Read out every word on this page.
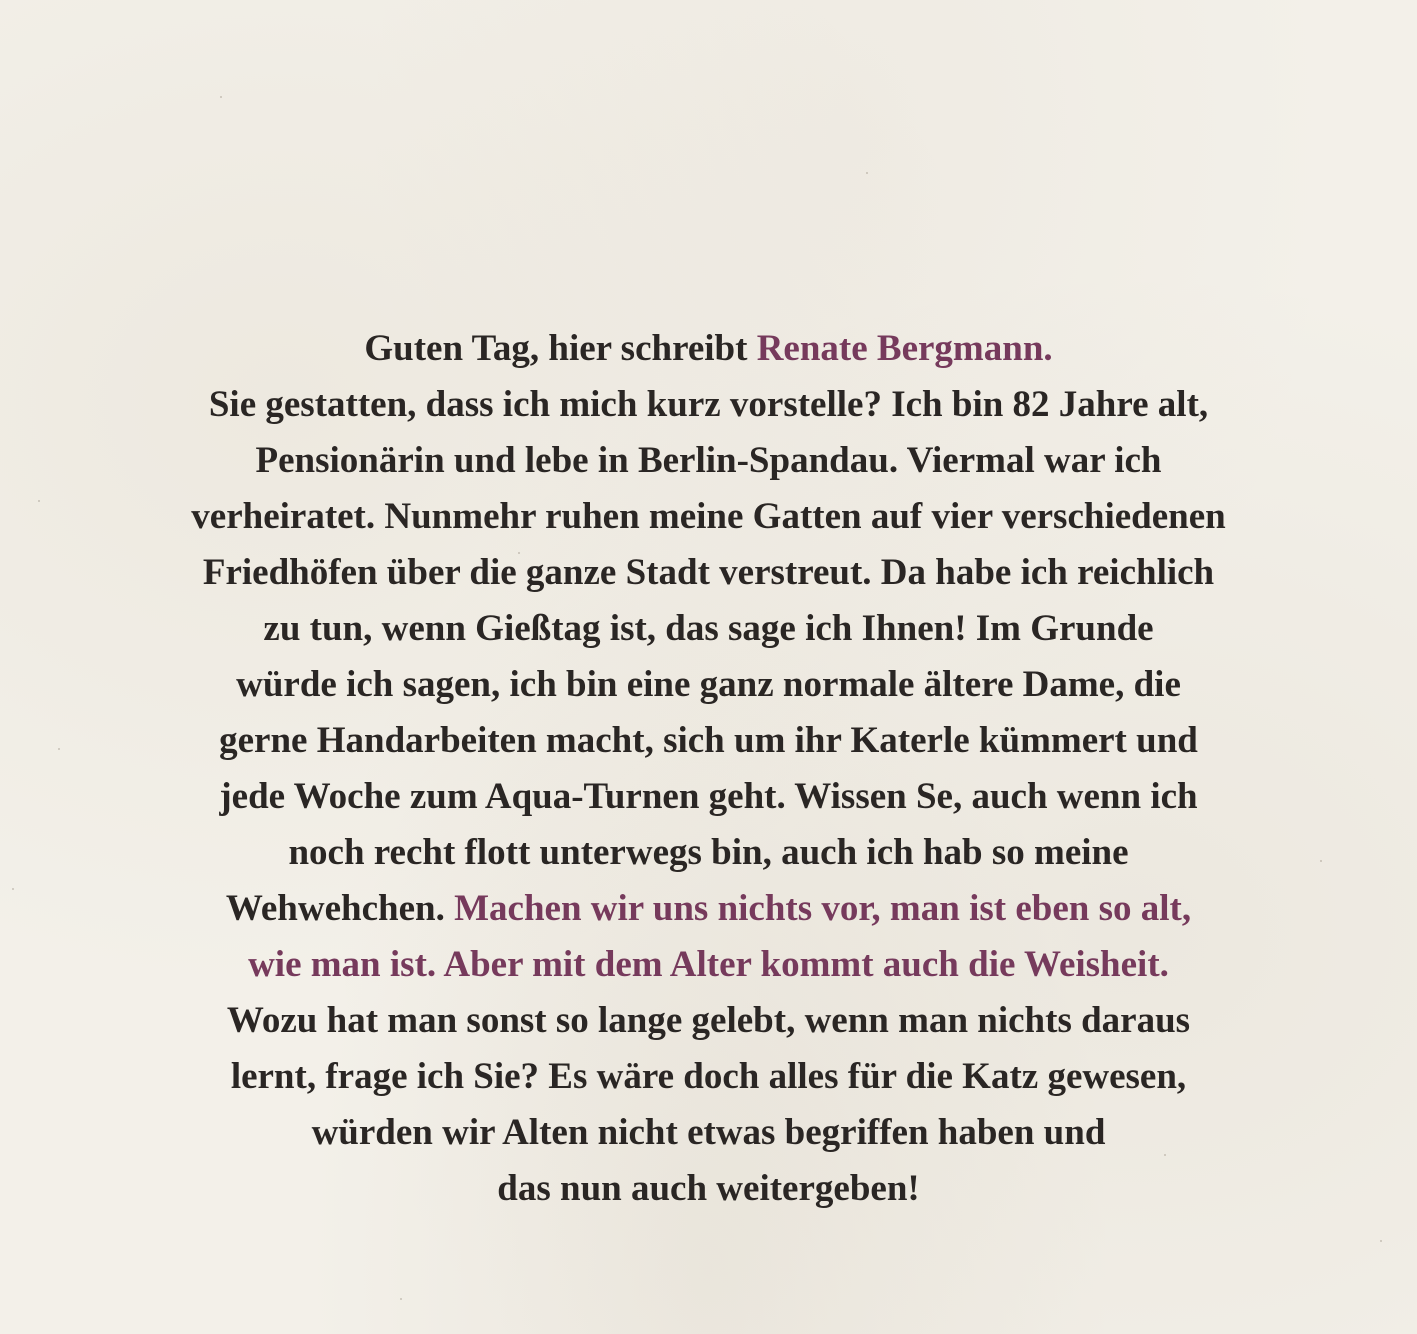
Guten Tag, hier schreibt Renate Bergmann.
Sie gestatten, dass ich mich kurz vorstelle? Ich bin 82 Jahre alt,
Pensionärin und lebe in Berlin-Spandau. Viermal war ich
verheiratet. Nunmehr ruhen meine Gatten auf vier verschiedenen
Friedhöfen über die ganze Stadt verstreut. Da habe ich reichlich
zu tun, wenn Gießtag ist, das sage ich Ihnen! Im Grunde
würde ich sagen, ich bin eine ganz normale ältere Dame, die
gerne Handarbeiten macht, sich um ihr Katerle kümmert und
jede Woche zum Aqua-Turnen geht. Wissen Se, auch wenn ich
noch recht flott unterwegs bin, auch ich hab so meine
Wehwehchen. Machen wir uns nichts vor, man ist eben so alt,
wie man ist. Aber mit dem Alter kommt auch die Weisheit.
Wozu hat man sonst so lange gelebt, wenn man nichts daraus
lernt, frage ich Sie? Es wäre doch alles für die Katz gewesen,
würden wir Alten nicht etwas begriffen haben und
das nun auch weitergeben!
